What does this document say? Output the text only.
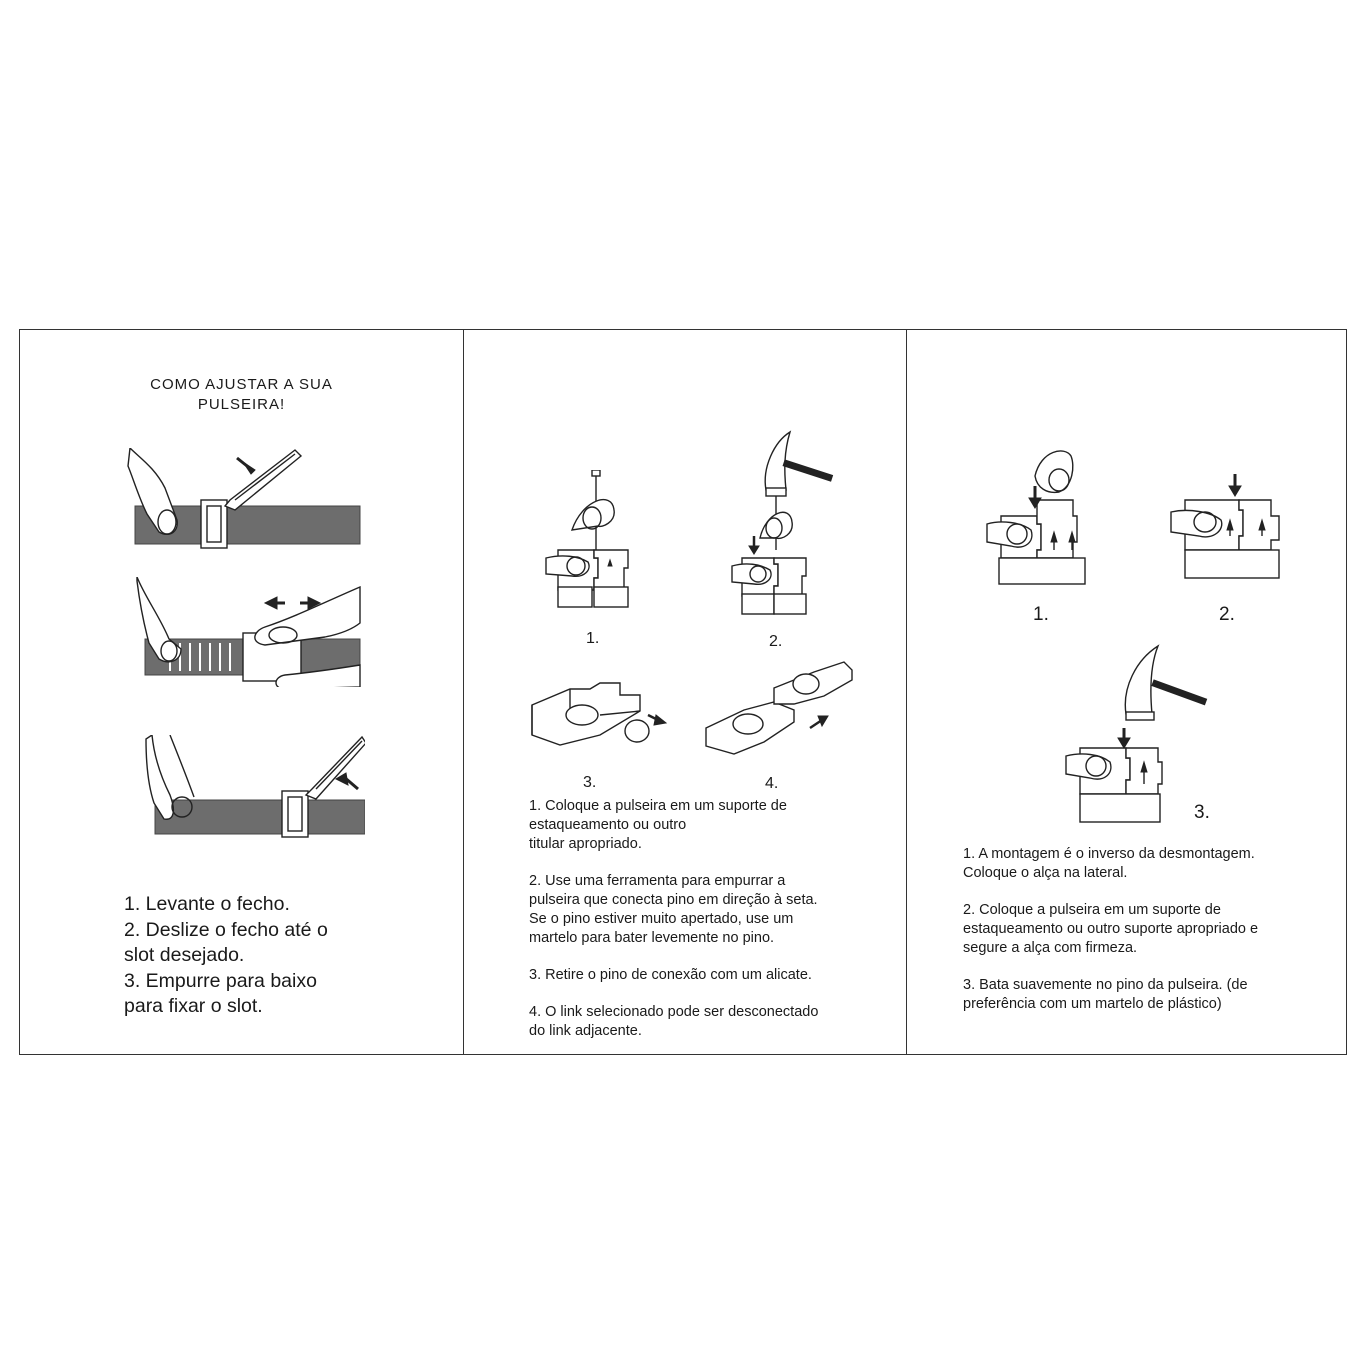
COMO AJUSTAR A SUA
PULSEIRA!
1. Levante o fecho.
2. Deslize o fecho até o
slot desejado.
3. Empurre para baixo
para fixar o slot.
1.	2.
3.	4.

1. Coloque a pulseira em um suporte de
estaqueamento ou outro
titular apropriado.

2. Use uma ferramenta para empurrar a
pulseira que conecta pino em direção à seta.
Se o pino estiver muito apertado, use um
martelo para bater levemente no pino.

3. Retire o pino de conexão com um alicate.

4. O link selecionado pode ser desconectado
do link adjacente.

1.	2.
3.

1. A montagem é o inverso da desmontagem.
Coloque o alça na lateral.

2. Coloque a pulseira em um suporte de
estaqueamento ou outro suporte apropriado e
segure a alça com firmeza.

3. Bata suavemente no pino da pulseira. (de
preferência com um martelo de plástico)
